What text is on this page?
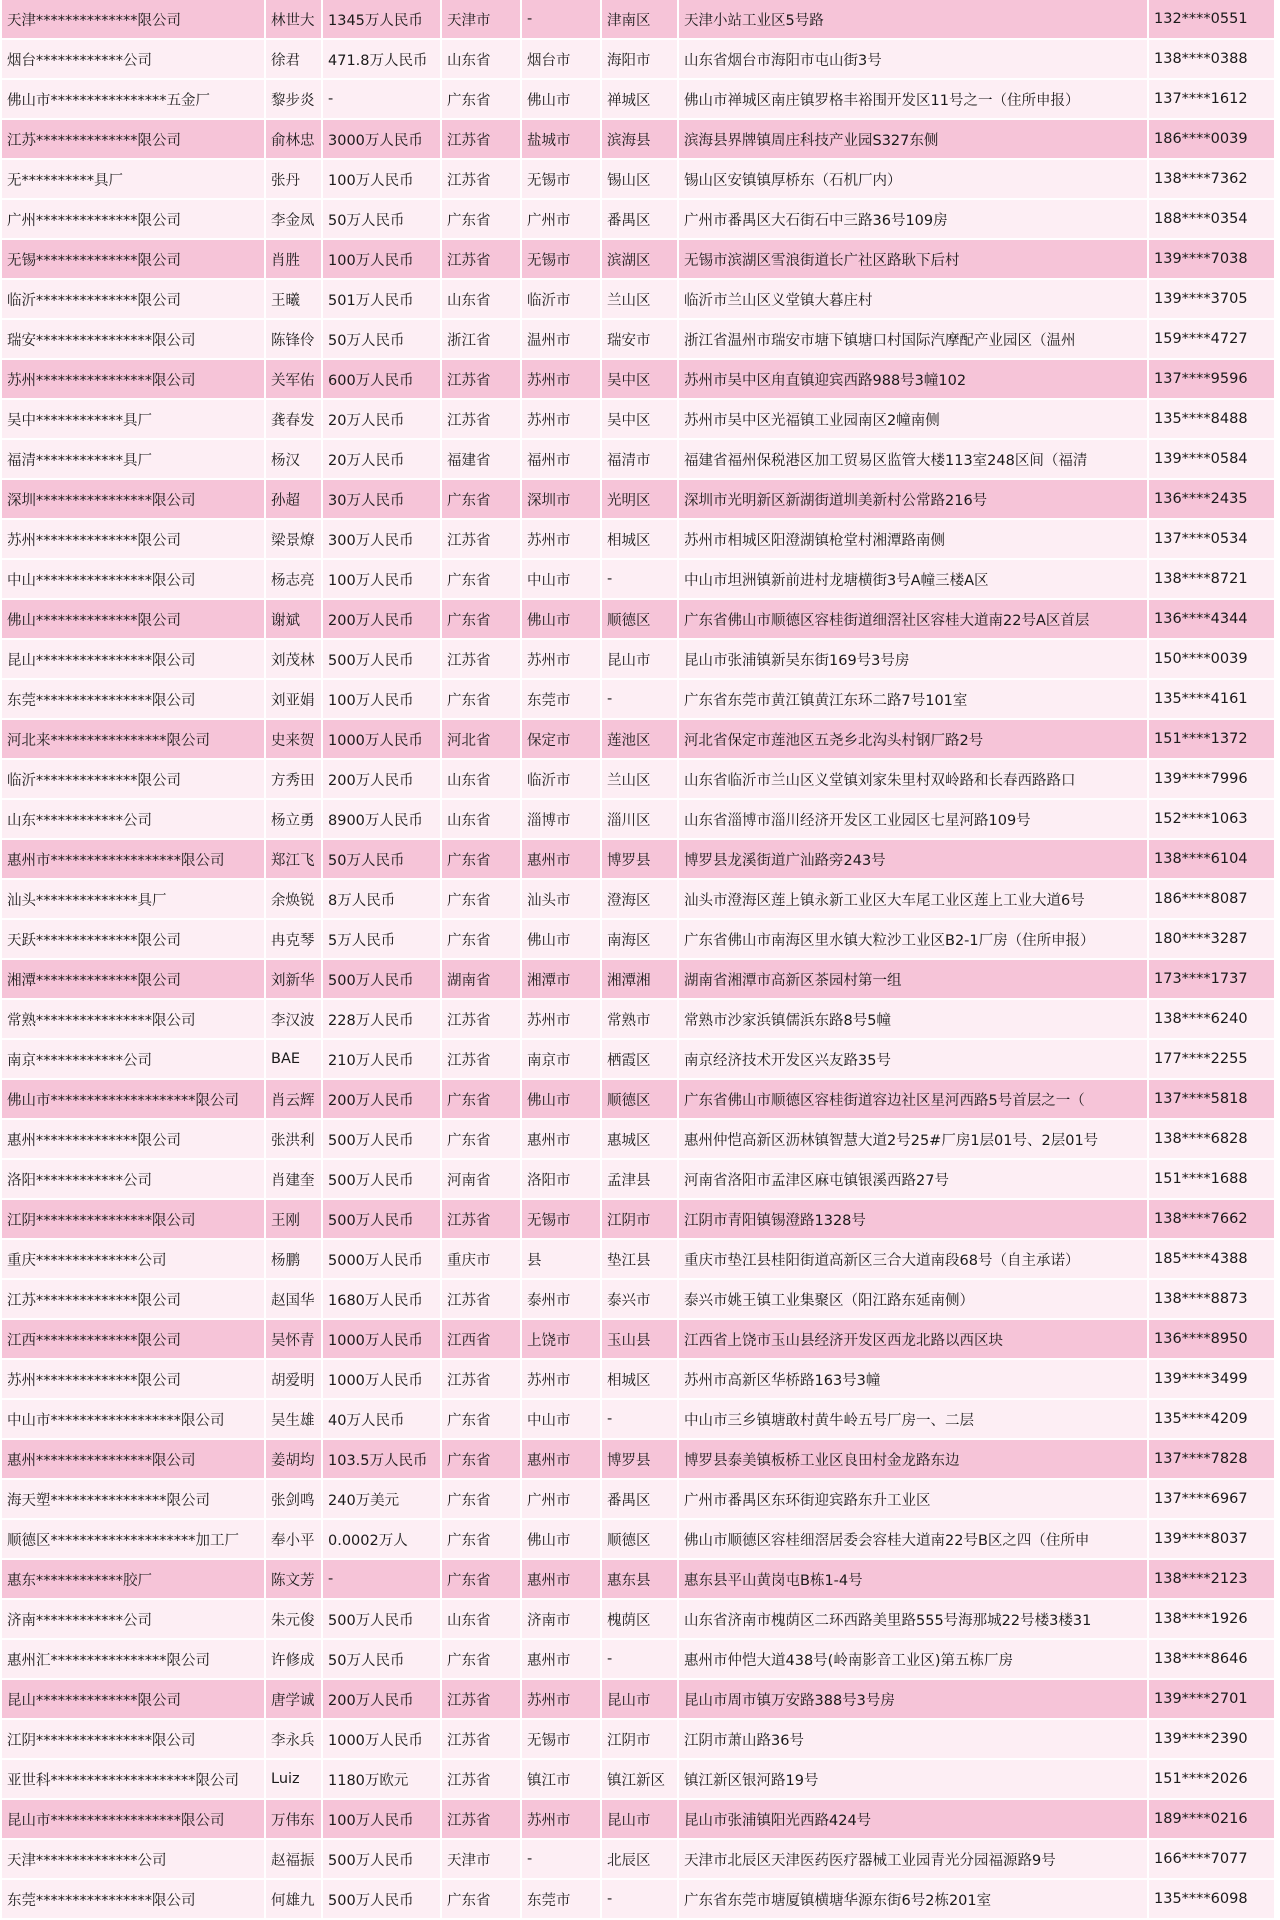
天津**************限公司	林世大	1345万人民币	天津市	-	津南区	天津小站工业区5号路	132****0551
烟台************公司	徐君	471.8万人民币	山东省	烟台市	海阳市	山东省烟台市海阳市屯山街3号	138****0388
佛山市****************五金厂	黎步炎	-	广东省	佛山市	禅城区	佛山市禅城区南庄镇罗格丰裕围开发区11号之一（住所申报）	137****1612
江苏**************限公司	俞林忠	3000万人民币	江苏省	盐城市	滨海县	滨海县界牌镇周庄科技产业园S327东侧	186****0039
无**********具厂	张丹	100万人民币	江苏省	无锡市	锡山区	锡山区安镇镇厚桥东（石机厂内）	138****7362
广州**************限公司	李金凤	50万人民币	广东省	广州市	番禺区	广州市番禺区大石街石中三路36号109房	188****0354
无锡**************限公司	肖胜	100万人民币	江苏省	无锡市	滨湖区	无锡市滨湖区雪浪街道长广社区路耿下后村	139****7038
临沂**************限公司	王曦	501万人民币	山东省	临沂市	兰山区	临沂市兰山区义堂镇大暮庄村	139****3705
瑞安****************限公司	陈锋伶	50万人民币	浙江省	温州市	瑞安市	浙江省温州市瑞安市塘下镇塘口村国际汽摩配产业园区（温州	159****4727
苏州****************限公司	关军佑	600万人民币	江苏省	苏州市	吴中区	苏州市吴中区甪直镇迎宾西路988号3幢102	137****9596
吴中************具厂	龚春发	20万人民币	江苏省	苏州市	吴中区	苏州市吴中区光福镇工业园南区2幢南侧	135****8488
福清************具厂	杨汉	20万人民币	福建省	福州市	福清市	福建省福州保税港区加工贸易区监管大楼113室248区间（福清	139****0584
深圳****************限公司	孙超	30万人民币	广东省	深圳市	光明区	深圳市光明新区新湖街道圳美新村公常路216号	136****2435
苏州**************限公司	梁景燎	300万人民币	江苏省	苏州市	相城区	苏州市相城区阳澄湖镇枪堂村湘潭路南侧	137****0534
中山****************限公司	杨志亮	100万人民币	广东省	中山市	-	中山市坦洲镇新前进村龙塘横街3号A幢三楼A区	138****8721
佛山**************限公司	谢斌	200万人民币	广东省	佛山市	顺德区	广东省佛山市顺德区容桂街道细滘社区容桂大道南22号A区首层	136****4344
昆山****************限公司	刘茂林	500万人民币	江苏省	苏州市	昆山市	昆山市张浦镇新吴东街169号3号房	150****0039
东莞****************限公司	刘亚娟	100万人民币	广东省	东莞市	-	广东省东莞市黄江镇黄江东环二路7号101室	135****4161
河北来****************限公司	史来贺	1000万人民币	河北省	保定市	莲池区	河北省保定市莲池区五尧乡北沟头村钢厂路2号	151****1372
临沂**************限公司	方秀田	200万人民币	山东省	临沂市	兰山区	山东省临沂市兰山区义堂镇刘家朱里村双岭路和长春西路路口	139****7996
山东************公司	杨立勇	8900万人民币	山东省	淄博市	淄川区	山东省淄博市淄川经济开发区工业园区七星河路109号	152****1063
惠州市******************限公司	郑江飞	50万人民币	广东省	惠州市	博罗县	博罗县龙溪街道广汕路旁243号	138****6104
汕头**************具厂	余焕锐	8万人民币	广东省	汕头市	澄海区	汕头市澄海区莲上镇永新工业区大车尾工业区莲上工业大道6号	186****8087
天跃**************限公司	冉克琴	5万人民币	广东省	佛山市	南海区	广东省佛山市南海区里水镇大粒沙工业区B2-1厂房（住所申报）	180****3287
湘潭**************限公司	刘新华	500万人民币	湖南省	湘潭市	湘潭湘	湖南省湘潭市高新区茶园村第一组	173****1737
常熟****************限公司	李汉波	228万人民币	江苏省	苏州市	常熟市	常熟市沙家浜镇儒浜东路8号5幢	138****6240
南京************公司	BAE	210万人民币	江苏省	南京市	栖霞区	南京经济技术开发区兴友路35号	177****2255
佛山市********************限公司	肖云辉	200万人民币	广东省	佛山市	顺德区	广东省佛山市顺德区容桂街道容边社区星河西路5号首层之一（	137****5818
惠州**************限公司	张洪利	500万人民币	广东省	惠州市	惠城区	惠州仲恺高新区沥林镇智慧大道2号25#厂房1层01号、2层01号	138****6828
洛阳************公司	肖建奎	500万人民币	河南省	洛阳市	孟津县	河南省洛阳市孟津区麻屯镇银溪西路27号	151****1688
江阴****************限公司	王刚	500万人民币	江苏省	无锡市	江阴市	江阴市青阳镇锡澄路1328号	138****7662
重庆**************公司	杨鹏	5000万人民币	重庆市	县	垫江县	重庆市垫江县桂阳街道高新区三合大道南段68号（自主承诺）	185****4388
江苏**************限公司	赵国华	1680万人民币	江苏省	泰州市	泰兴市	泰兴市姚王镇工业集聚区（阳江路东延南侧）	138****8873
江西**************限公司	吴怀青	1000万人民币	江西省	上饶市	玉山县	江西省上饶市玉山县经济开发区西龙北路以西区块	136****8950
苏州**************限公司	胡爱明	1000万人民币	江苏省	苏州市	相城区	苏州市高新区华桥路163号3幢	139****3499
中山市******************限公司	吴生雄	40万人民币	广东省	中山市	-	中山市三乡镇塘敢村黄牛岭五号厂房一、二层	135****4209
惠州****************限公司	姜胡均	103.5万人民币	广东省	惠州市	博罗县	博罗县泰美镇板桥工业区良田村金龙路东边	137****7828
海天塑****************限公司	张剑鸣	240万美元	广东省	广州市	番禺区	广州市番禺区东环街迎宾路东升工业区	137****6967
顺德区********************加工厂	奉小平	0.0002万人	广东省	佛山市	顺德区	佛山市顺德区容桂细滘居委会容桂大道南22号B区之四（住所申	139****8037
惠东************胶厂	陈文芳	-	广东省	惠州市	惠东县	惠东县平山黄岗屯B栋1-4号	138****2123
济南************公司	朱元俊	500万人民币	山东省	济南市	槐荫区	山东省济南市槐荫区二环西路美里路555号海那城22号楼3楼31	138****1926
惠州汇****************限公司	许修成	50万人民币	广东省	惠州市	-	惠州市仲恺大道438号(岭南影音工业区)第五栋厂房	138****8646
昆山**************限公司	唐学诚	200万人民币	江苏省	苏州市	昆山市	昆山市周市镇万安路388号3号房	139****2701
江阴****************限公司	李永兵	1000万人民币	江苏省	无锡市	江阴市	江阴市萧山路36号	139****2390
亚世科********************限公司	Luiz	1180万欧元	江苏省	镇江市	镇江新区	镇江新区银河路19号	151****2026
昆山市******************限公司	万伟东	100万人民币	江苏省	苏州市	昆山市	昆山市张浦镇阳光西路424号	189****0216
天津**************公司	赵福振	500万人民币	天津市	-	北辰区	天津市北辰区天津医药医疗器械工业园青光分园福源路9号	166****7077
东莞****************限公司	何雄九	500万人民币	广东省	东莞市	-	广东省东莞市塘厦镇横塘华源东街6号2栋201室	135****6098
